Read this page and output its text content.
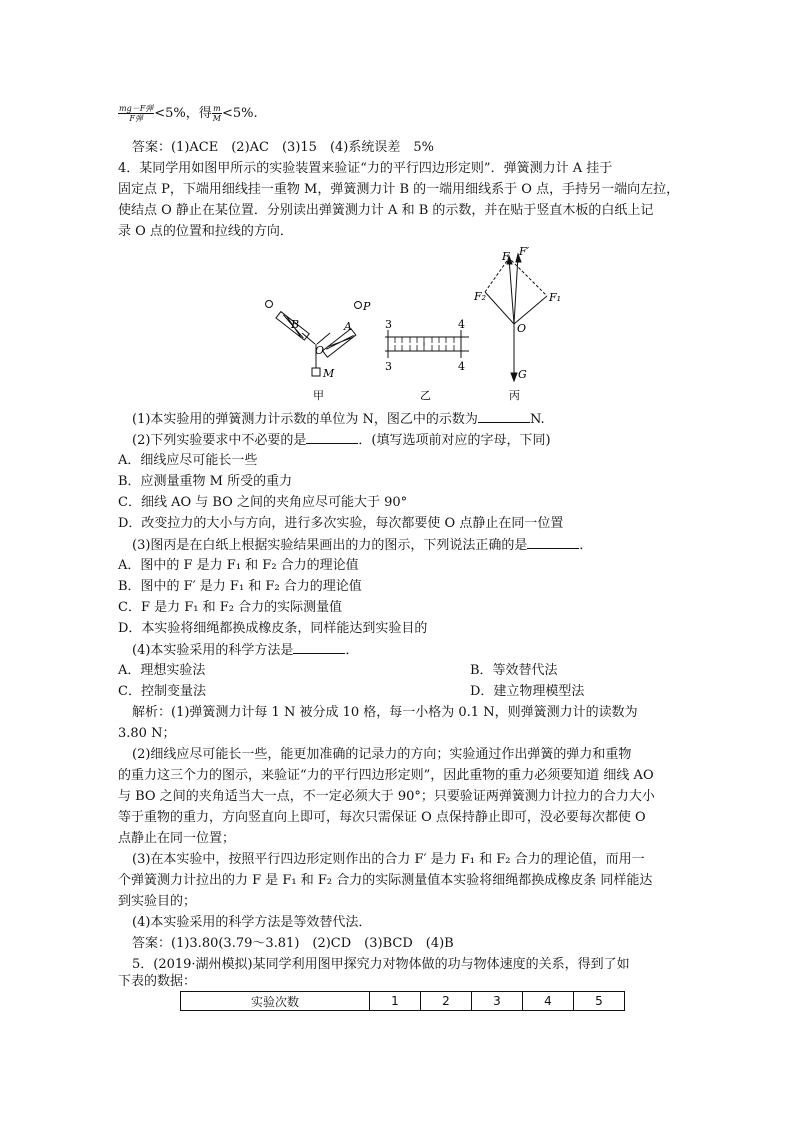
$\frac{\text{mg－F弹}}{\text{F弹}} <5\%$，得 $\frac{m}{M} <5\%$.
答案：(1)ACE　(2)AC　(3)15　(4)系统误差　5%
4．某同学用如图甲所示的实验装置来验证“力的平行四边形定则”．弹簧测力计 A 挂于
固定点 P，下端用细线挂一重物 M，弹簧测力计 B 的一端用细线系于 O 点，手持另一端向左拉，
使结点 O 静止在某位置．分别读出弹簧测力计 A 和 B 的示数，并在贴于竖直木板的白纸上记
录 O 点的位置和拉线的方向．
B	A
P
O
M
甲
3	4
3	4
乙
F₂	F₁
F F′
O
G
丙
(1)本实验用的弹簧测力计示数的单位为 N，图乙中的示数为	N.
(2)下列实验要求中不必要的是	．(填写选项前对应的字母，下同)
A．细线应尽可能长一些
B．应测量重物 M 所受的重力
C．细线 AO 与 BO 之间的夹角应尽可能大于 90°
D．改变拉力的大小与方向，进行多次实验，每次都要使 O 点静止在同一位置
(3)图丙是在白纸上根据实验结果画出的力的图示，下列说法正确的是	．
A．图中的 F 是力 F₁ 和 F₂ 合力的理论值
B．图中的 F′ 是力 F₁ 和 F₂ 合力的理论值
C．F 是力 F₁ 和 F₂ 合力的实际测量值
D．本实验将细绳都换成橡皮条，同样能达到实验目的
(4)本实验采用的科学方法是	．
A．理想实验法	B．等效替代法
C．控制变量法	D．建立物理模型法
解析：(1)弹簧测力计每 1 N 被分成 10 格，每一小格为 0.1 N，则弹簧测力计的读数为
3.80 N；
(2)细线应尽可能长一些，能更加准确的记录力的方向；实验通过作出弹簧的弹力和重物
的重力这三个力的图示，来验证“力的平行四边形定则”，因此重物的重力必须要知道 细线 AO
与 BO 之间的夹角适当大一点，不一定必须大于 90°；只要验证两弹簧测力计拉力的合力大小
等于重物的重力，方向竖直向上即可，每次只需保证 O 点保持静止即可，没必要每次都使 O
点静止在同一位置；
(3)在本实验中，按照平行四边形定则作出的合力 F′ 是力 F₁ 和 F₂ 合力的理论值，而用一
个弹簧测力计拉出的力 F 是 F₁ 和 F₂ 合力的实际测量值本实验将细绳都换成橡皮条 同样能达
到实验目的；
(4)本实验采用的科学方法是等效替代法．
答案：(1)3.80(3.79～3.81)　(2)CD　(3)BCD　(4)B
5．(2019·湖州模拟)某同学利用图甲探究力对物体做的功与物体速度的关系，得到了如
下表的数据：
实验次数	1	2	3	4	5
